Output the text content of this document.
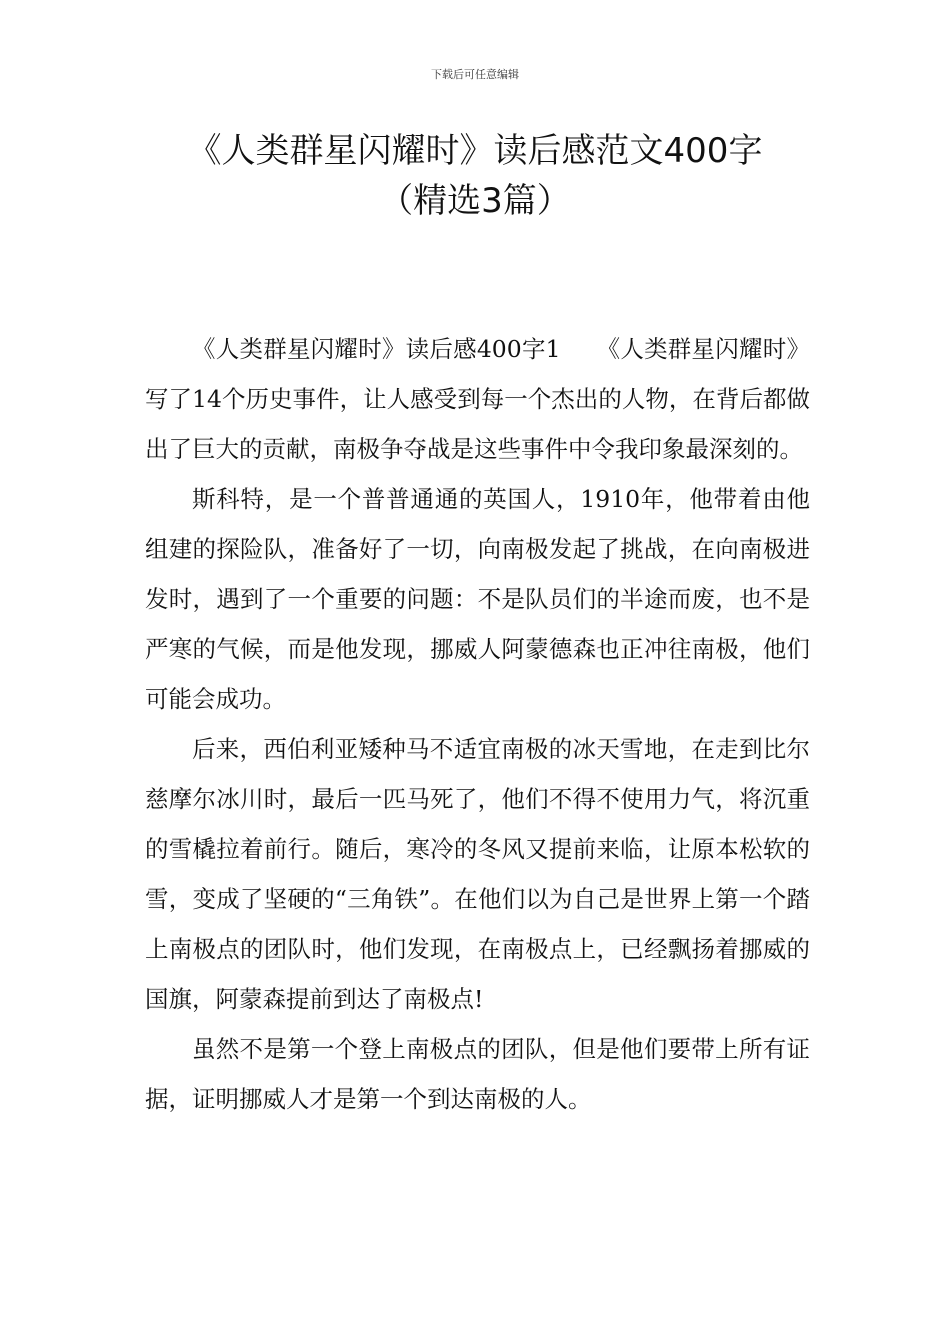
下载后可任意编辑
《人类群星闪耀时》读后感范文400字
（精选3篇）

《人类群星闪耀时》读后感400字1　　《人类群星闪耀时》写了14个历史事件，让人感受到每一个杰出的人物，在背后都做出了巨大的贡献，南极争夺战是这些事件中令我印象最深刻的。

斯科特，是一个普普通通的英国人，1910年，他带着由他组建的探险队，准备好了一切，向南极发起了挑战，在向南极进发时，遇到了一个重要的问题：不是队员们的半途而废，也不是严寒的气候，而是他发现，挪威人阿蒙德森也正冲往南极，他们可能会成功。

后来，西伯利亚矮种马不适宜南极的冰天雪地，在走到比尔慈摩尔冰川时，最后一匹马死了，他们不得不使用力气，将沉重的雪橇拉着前行。随后，寒冷的冬风又提前来临，让原本松软的雪，变成了坚硬的“三角铁”。在他们以为自己是世界上第一个踏上南极点的团队时，他们发现，在南极点上，已经飘扬着挪威的国旗，阿蒙森提前到达了南极点!

虽然不是第一个登上南极点的团队，但是他们要带上所有证据，证明挪威人才是第一个到达南极的人。
